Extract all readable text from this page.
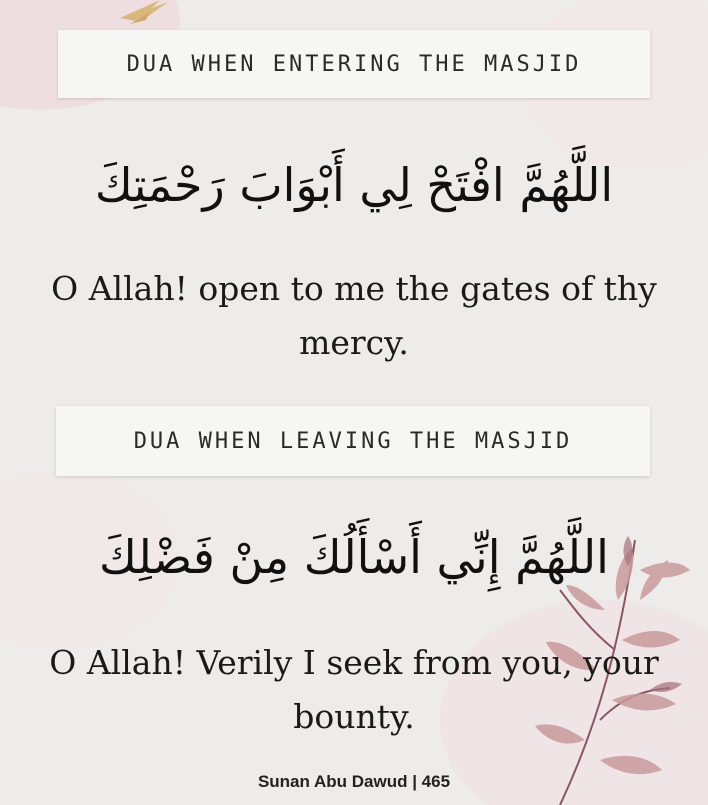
DUA WHEN ENTERING THE MASJID
اللَّهُمَّ افْتَحْ لِي أَبْوَابَ رَحْمَتِكَ
O Allah! open to me the gates of thy mercy.
DUA WHEN LEAVING THE MASJID
اللَّهُمَّ إِنِّي أَسْأَلُكَ مِنْ فَضْلِكَ
O Allah! Verily I seek from you, your bounty.
Sunan Abu Dawud | 465
